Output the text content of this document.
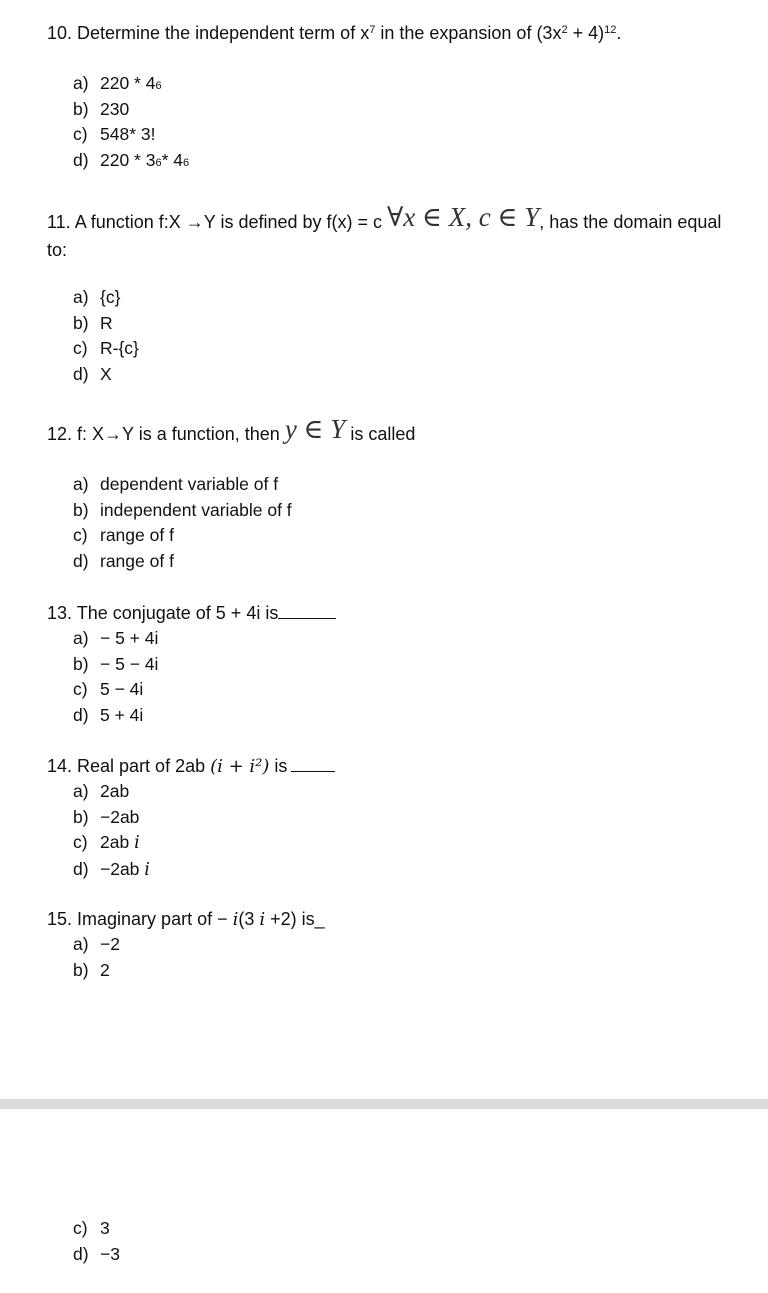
10. Determine the independent term of $x^7$ in the expansion of $(3x^2 + 4)^{12}$.
a) 220 * 4 6
b) 230
c) 548* 3!
d) 220 * 3 6 * 4 6
11. A function f:X →Y is defined by f(x) = c ∀x ∈ X, c ∈ Y, has the domain equal to:
a) {c}
b) R
c) R-{c}
d) X
12. f: X→Y is a function, then y ∈ Y is called
a) dependent variable of f
b) independent variable of f
c) range of f
d) range of f
13. The conjugate of 5 + 4i is
a) − 5 + 4i
b) − 5 − 4i
c) 5 − 4i
d) 5 + 4i
14. Real part of 2ab (i + i²) is
a) 2ab
b) −2ab
c) 2ab i
d) −2ab i
15. Imaginary part of − i(3 i +2) is_
a) −2
b) 2
c) 3
d) −3
